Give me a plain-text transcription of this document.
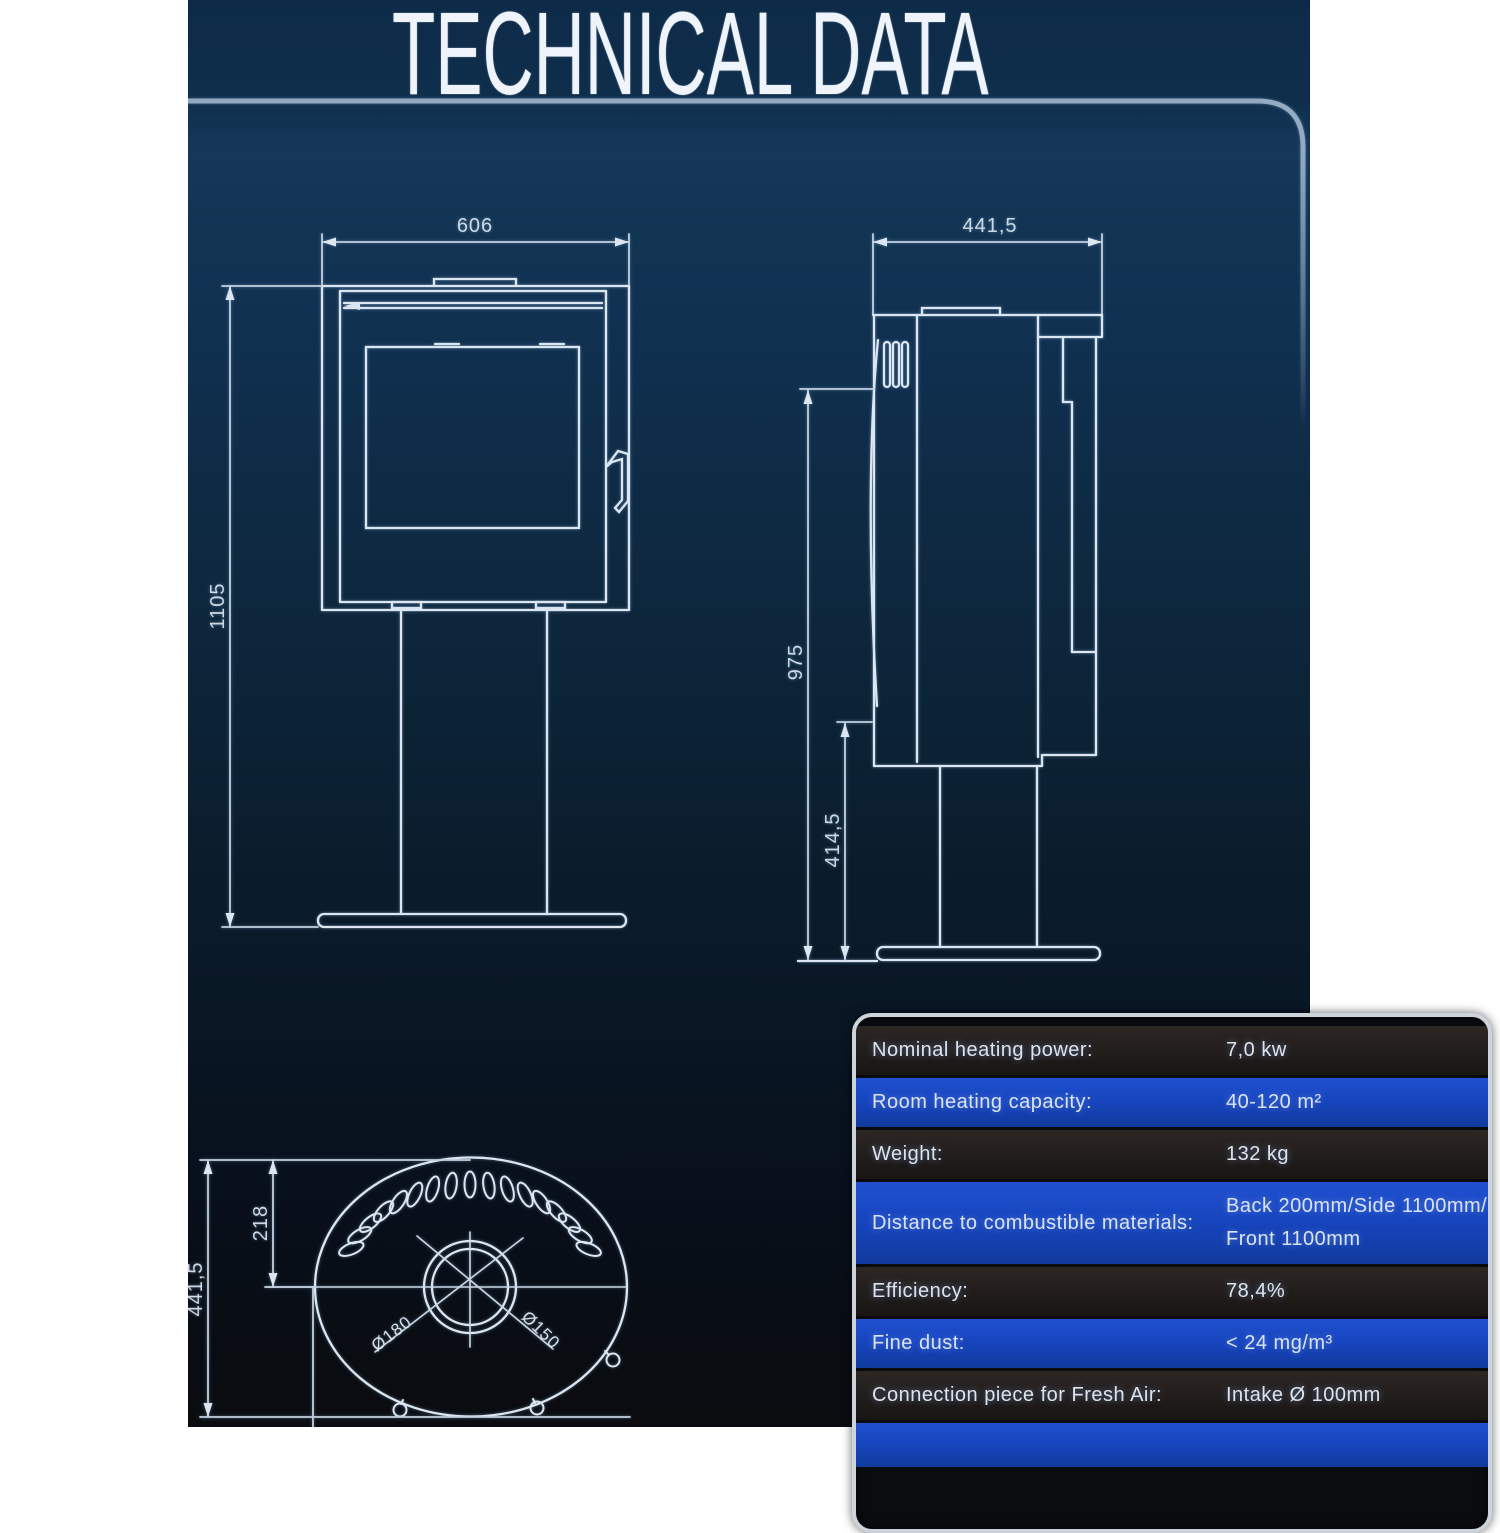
TECHNICAL DATA
Nominal heating power:	7,0 kw
Room heating capacity:	40-120 m²
Weight:	132 kg
Distance to combustible materials:
Back 200mm/Side 1100mm/
Front 1100mm
Efficiency:	78,4%
Fine dust:	< 24 mg/m³
Connection piece for Fresh Air:	Intake Ø 100mm
606
1105
441,5
975
414,5
218
441,5
Ø180	Ø150
